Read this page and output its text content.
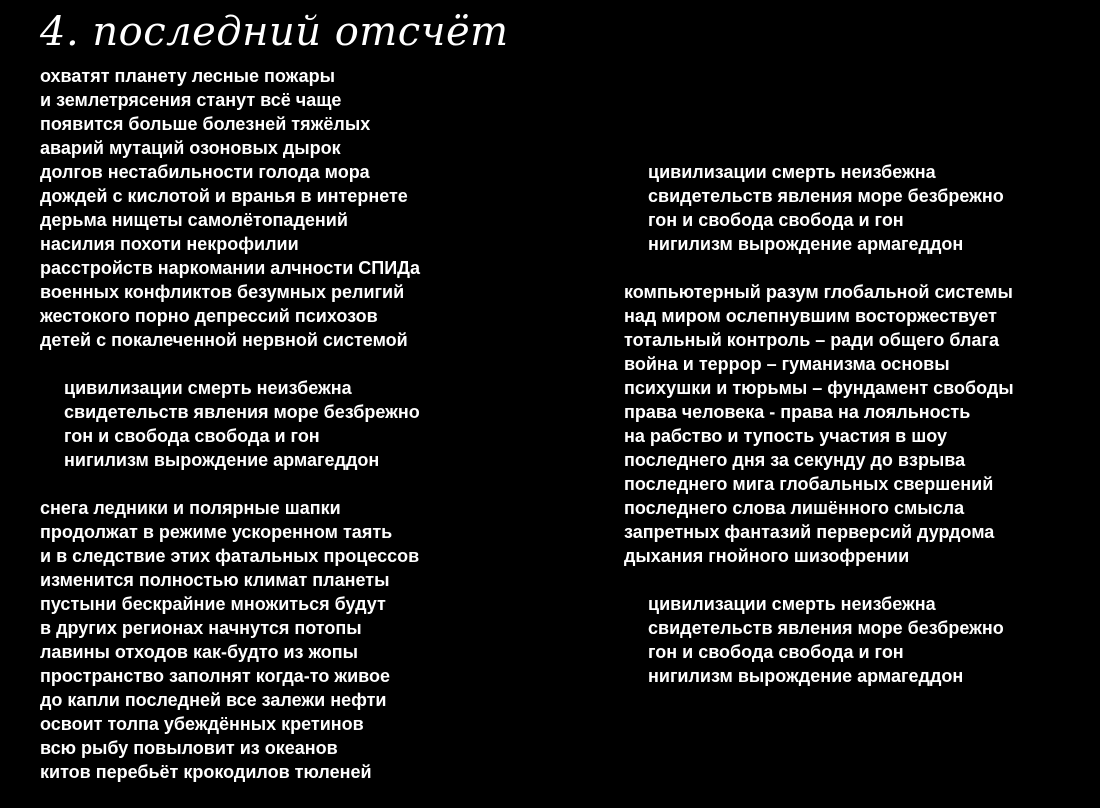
4. последний отсчёт
охватят планету лесные пожары
и землетрясения станут всё чаще
появится больше болезней тяжёлых
аварий мутаций озоновых дырок
долгов нестабильности голода мора
дождей с кислотой и вранья в интернете
дерьма нищеты самолётопадений
насилия похоти некрофилии
расстройств наркомании алчности СПИДа
военных конфликтов безумных религий
жестокого порно депрессий психозов
детей с покалеченной нервной системой
цивилизации смерть неизбежна
свидетельств явления море безбрежно
гон и свобода свобода и гон
нигилизм вырождение армагеддон
снега ледники и полярные шапки
продолжат в режиме ускоренном таять
и в следствие этих фатальных процессов
изменится полностью климат планеты
пустыни бескрайние множиться будут
в других регионах начнутся потопы
лавины отходов как-будто из жопы
пространство заполнят когда-то живое
до капли последней все залежи нефти
освоит толпа убеждённых кретинов
всю рыбу повыловит из океанов
китов перебьёт крокодилов тюленей
цивилизации смерть неизбежна
свидетельств явления море безбрежно
гон и свобода свобода и гон
нигилизм вырождение армагеддон
компьютерный разум глобальной системы
над миром ослепнувшим восторжествует
тотальный контроль – ради общего блага
война и террор – гуманизма основы
психушки и тюрьмы – фундамент свободы
права человека - права на лояльность
на рабство и тупость участия в шоу
последнего дня за секунду до взрыва
последнего мига глобальных свершений
последнего слова лишённого смысла
запретных фантазий перверсий дурдома
дыхания гнойного шизофрении
цивилизации смерть неизбежна
свидетельств явления море безбрежно
гон и свобода свобода и гон
нигилизм вырождение армагеддон
